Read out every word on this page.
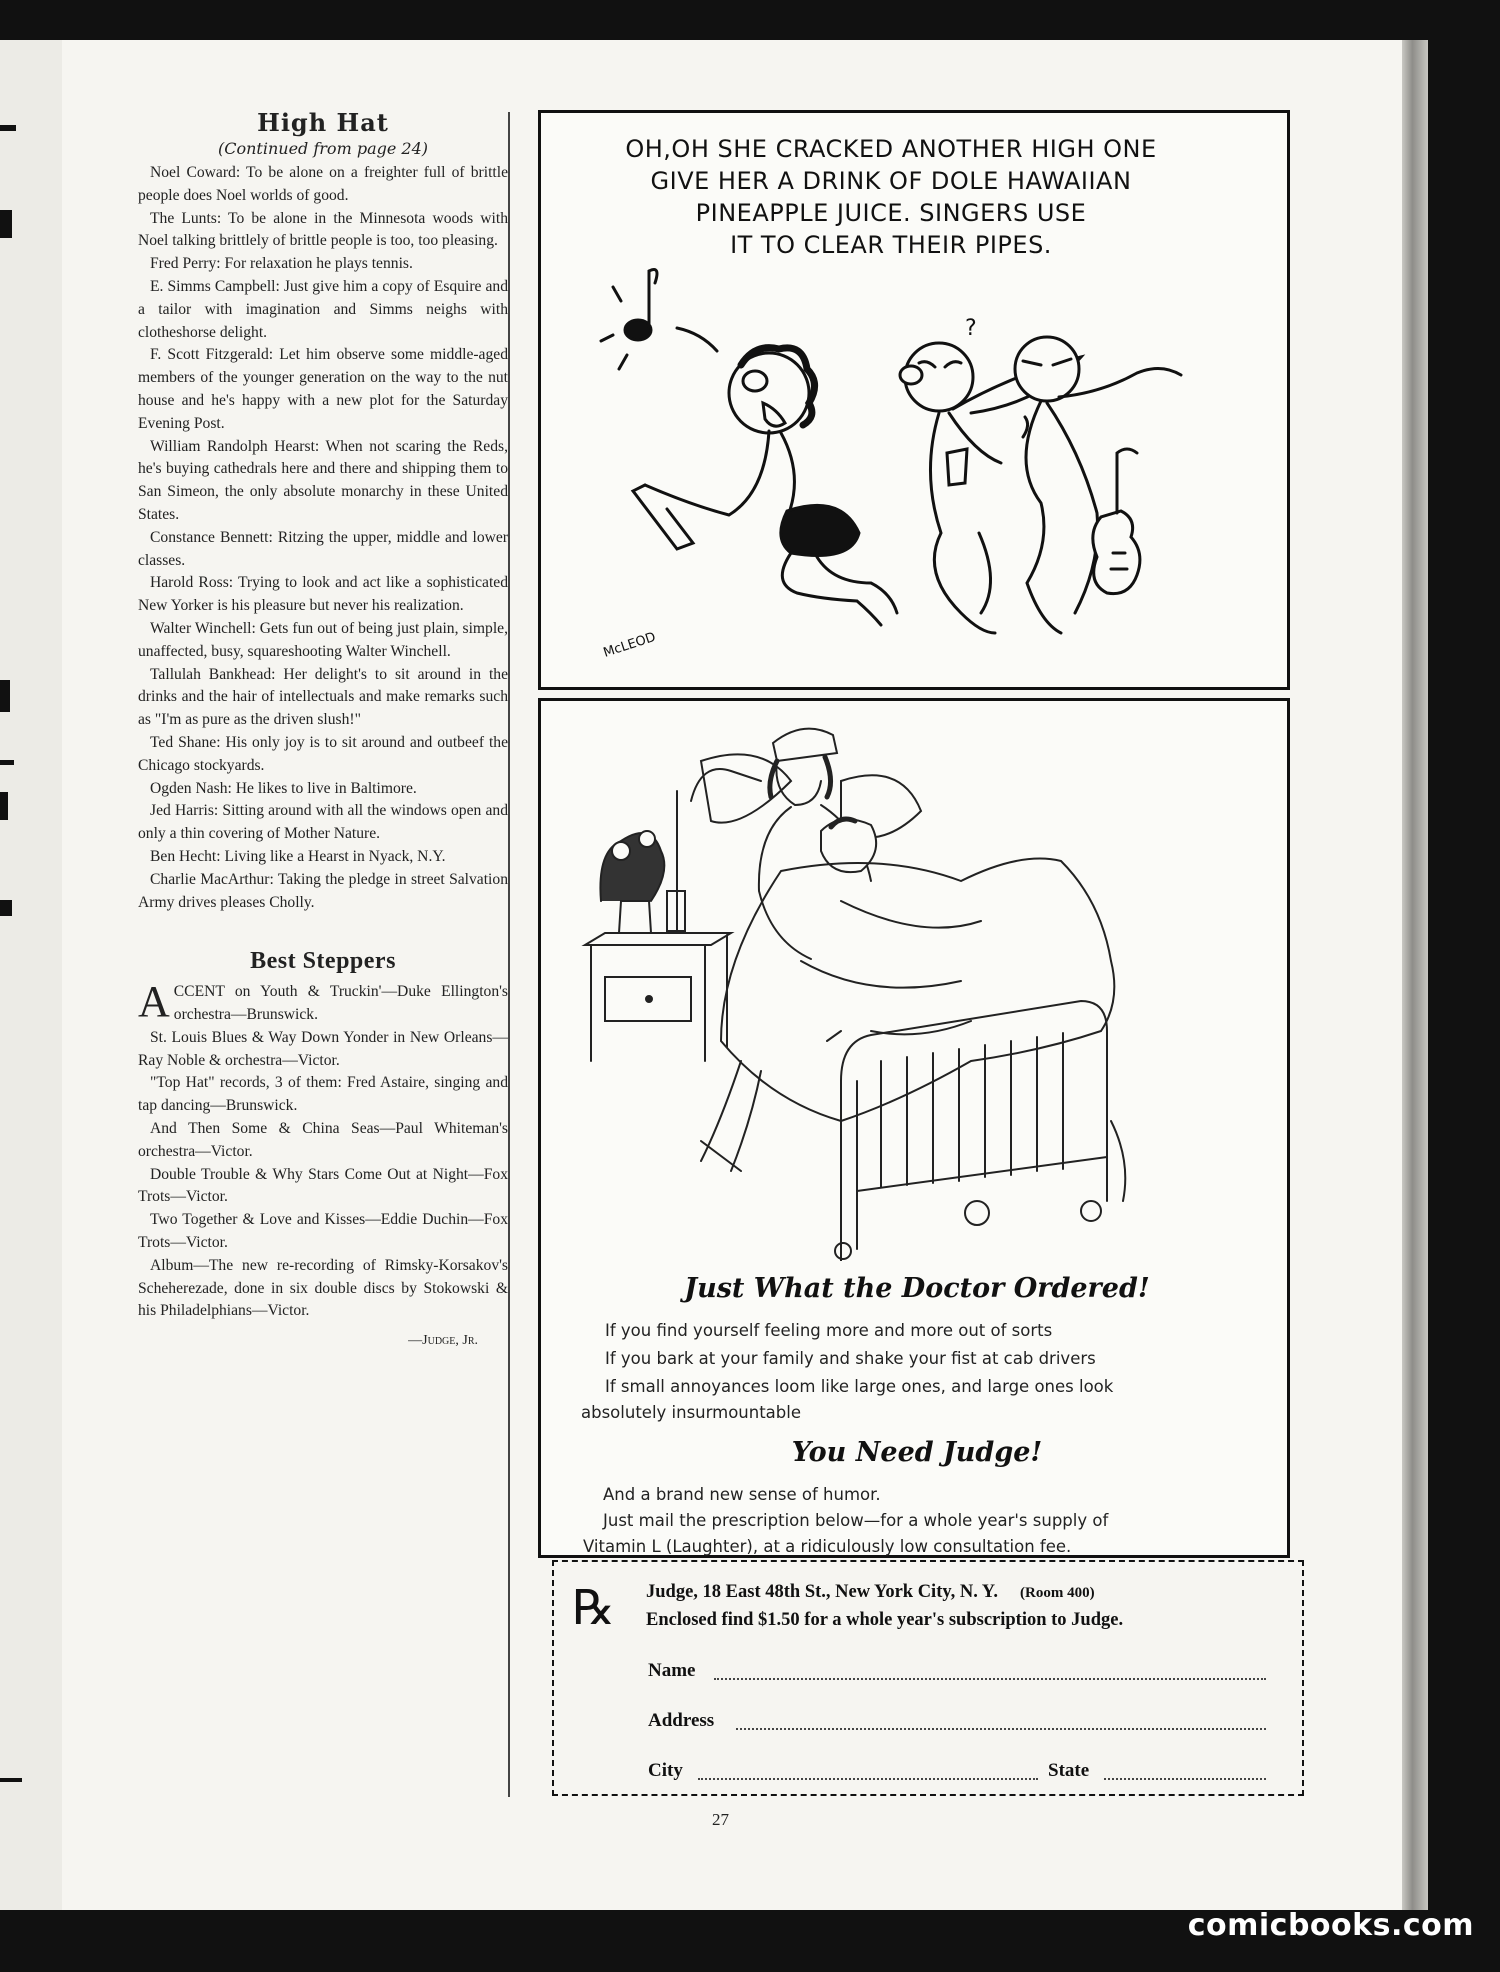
High Hat
(Continued from page 24)

Noel Coward: To be alone on a freighter full of brittle people does Noel worlds of good.

The Lunts: To be alone in the Minnesota woods with Noel talking brittlely of brittle people is too, too pleasing.

Fred Perry: For relaxation he plays tennis.

E. Simms Campbell: Just give him a copy of Esquire and a tailor with imagination and Simms neighs with clotheshorse delight.

F. Scott Fitzgerald: Let him observe some middle-aged members of the younger generation on the way to the nut house and he's happy with a new plot for the Saturday Evening Post.

William Randolph Hearst: When not scaring the Reds, he's buying cathedrals here and there and shipping them to San Simeon, the only absolute monarchy in these United States.

Constance Bennett: Ritzing the upper, middle and lower classes.

Harold Ross: Trying to look and act like a sophisticated New Yorker is his pleasure but never his realization.

Walter Winchell: Gets fun out of being just plain, simple, unaffected, busy, squareshooting Walter Winchell.

Tallulah Bankhead: Her delight's to sit around in the drinks and the hair of intellectuals and make remarks such as "I'm as pure as the driven slush!"

Ted Shane: His only joy is to sit around and outbeef the Chicago stockyards.

Ogden Nash: He likes to live in Baltimore.

Jed Harris: Sitting around with all the windows open and only a thin covering of Mother Nature.

Ben Hecht: Living like a Hearst in Nyack, N.Y.

Charlie MacArthur: Taking the pledge in street Salvation Army drives pleases Cholly.

Best Steppers

ACCENT on Youth & Truckin'—Duke Ellington's orchestra—Brunswick.

St. Louis Blues & Way Down Yonder in New Orleans—Ray Noble & orchestra—Victor.

"Top Hat" records, 3 of them: Fred Astaire, singing and tap dancing—Brunswick.

And Then Some & China Seas—Paul Whiteman's orchestra—Victor.

Double Trouble & Why Stars Come Out at Night—Fox Trots—Victor.

Two Together & Love and Kisses—Eddie Duchin—Fox Trots—Victor.

Album—The new re-recording of Rimsky-Korsakov's Scheherezade, done in six double discs by Stokowski & his Philadelphians—Victor.

—Judge, Jr.
OH,OH SHE CRACKED ANOTHER HIGH ONE
GIVE HER A DRINK OF DOLE HAWAIIAN
PINEAPPLE JUICE. SINGERS USE
IT TO CLEAR THEIR PIPES.
?
McLEOD
Just What the Doctor Ordered!
If you find yourself feeling more and more out of sorts
If you bark at your family and shake your fist at cab drivers
If small annoyances loom like large ones, and large ones look
absolutely insurmountable
You Need Judge!
And a brand new sense of humor.
Just mail the prescription below—for a whole year's supply of
Vitamin L (Laughter), at a ridiculously low consultation fee.
℞ Judge, 18 East 48th St., New York City, N. Y. (Room 400)
Enclosed find $1.50 for a whole year's subscription to Judge.
Name
Address
City	State
27
comicbooks.com
